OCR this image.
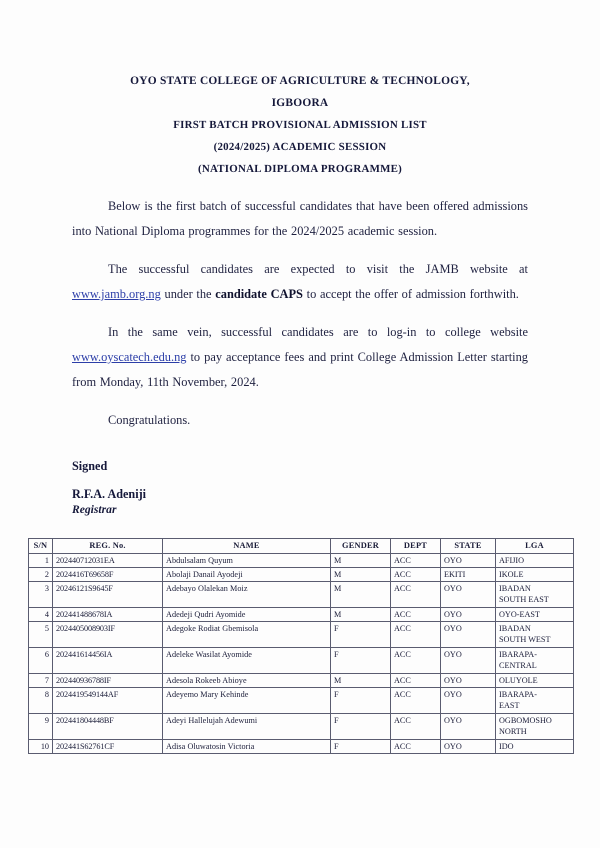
OYO STATE COLLEGE OF AGRICULTURE & TECHNOLOGY,
IGBOORA
FIRST BATCH PROVISIONAL ADMISSION LIST
(2024/2025) ACADEMIC SESSION
(NATIONAL DIPLOMA PROGRAMME)

Below is the first batch of successful candidates that have been offered admissions into National Diploma programmes for the 2024/2025 academic session.

The successful candidates are expected to visit the JAMB website at www.jamb.org.ng under the candidate CAPS to accept the offer of admission forthwith.

In the same vein, successful candidates are to log-in to college website www.oyscatech.edu.ng to pay acceptance fees and print College Admission Letter starting from Monday, 11th November, 2024.

Congratulations.

Signed
R.F.A. Adeniji
Registrar
S/N	REG. No.	NAME	GENDER	DEPT	STATE	LGA
1	202440712031EA	Abdulsalam Quyum	M	ACC	OYO	AFIJIO

2	2024416T69658F	Abolaji Danail Ayodeji	M	ACC	EKITI	IKOLE

3	20246121S9645F	Adebayo Olalekan Moiz	M	ACC	OYO	IBADAN
SOUTH EAST

4	202441488678IA	Adedeji Qudri Ayomide	M	ACC	OYO	OYO-EAST

5	2024405008903IF	Adegoke Rodiat Gbemisola	F	ACC	OYO	IBADAN
SOUTH WEST

6	202441614456IA	Adeleke Wasilat Ayomide	F	ACC	OYO	IBARAPA-
CENTRAL

7	202440936788IF	Adesola Rokeeb Abioye	M	ACC	OYO	OLUYOLE

8	2024419549144AF	Adeyemo Mary Kehinde	F	ACC	OYO	IBARAPA-
EAST

9	202441804448BF	Adeyi Hallelujah Adewumi	F	ACC	OYO	OGBOMOSHO
NORTH

10	202441S62761CF	Adisa Oluwatosin Victoria	F	ACC	OYO	IDO
